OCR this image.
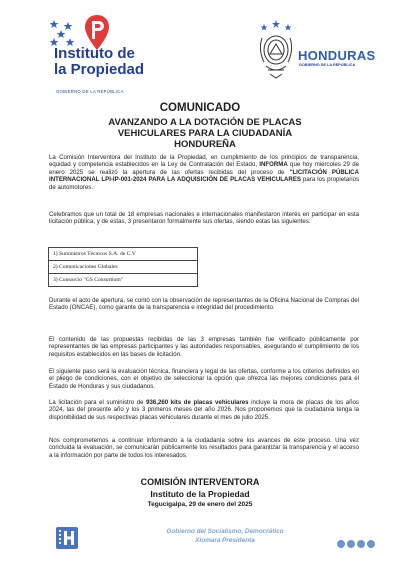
Instituto de
la Propiedad
GOBIERNO DE LA REPÚBLICA
HONDURAS
GOBIERNO DE LA REPÚBLICA
COMUNICADO
AVANZANDO A LA DOTACIÓN DE PLACAS VEHICULARES PARA LA CIUDADANÍA HONDUREÑA
La Comisión Interventora del Instituto de la Propiedad, en cumplimiento de los principios de transparencia, equidad y competencia establecidos en la Ley de Contratación del Estado, INFORMA que hoy miércoles 29 de enero 2025 se realizó la apertura de las ofertas recibidas del proceso de "LICITACIÓN PÚBLICA INTERNACIONAL LPI-IP-001-2024 PARA LA ADQUISICIÓN DE PLACAS VEHICULARES para los propietarios de automotores.
Celebramos que un total de 18 empresas nacionales e internacionales manifestaron interés en participar en esta licitación pública, y de estas, 3 presentaron formalmente sus ofertas, siendo estas las siguientes:
1) Suministros Técnicos S.A. de C.V
2) Comunicaciones Globales
3) Consorcio "GS Consortium"
Durante el acto de apertura, se contó con la observación de representantes de la Oficina Nacional de Compras del Estado (ONCAE), como garante de la transparencia e integridad del procedimiento.
El contenido de las propuestas recibidas de las 3 empresas también fue verificado públicamente por representantes de las empresas participantes y las autoridades responsables, asegurando el cumplimiento de los requisitos establecidos en las bases de licitación.
El siguiente paso será la evaluación técnica, financiera y legal de las ofertas, conforme a los criterios definidos en el pliego de condiciones, con el objetivo de seleccionar la opción que ofrezca las mejores condiciones para el Estado de Honduras y sus ciudadanos.
La licitación para el suministro de 936,260 kits de placas vehiculares incluye la mora de placas de los años 2024, las del presente año y los 3 primeros meses del año 2026. Nos proponemos que la ciudadanía tenga la disponibilidad de sus respectivas placas vehiculares durante el mes de julio 2025.
Nos comprometemos a continuar informando a la ciudadanía sobre los avances de este proceso. Una vez concluida la evaluación, se comunicarán públicamente los resultados para garantizar la transparencia y el acceso a la información por parte de todos los interesados.
COMISIÓN INTERVENTORA
Instituto de la Propiedad
Tegucigalpa, 29 de enero del 2025
Gobierno del Socialismo, Democrático
Xiomara Presidenta
